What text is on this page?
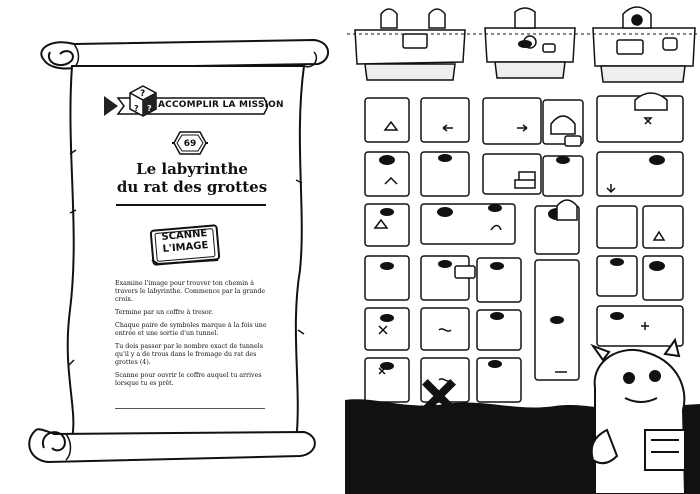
?
? ? ACCOMPLIR LA MISSION
69
Le labyrinthe
du rat des grottes
SCANNE
L'IMAGE

Examine l'image pour trouver ton chemin à travers le labyrinthe. Commence par la grande croix.

Termine par un coffre à tresor.

Chaque paire de symboles marque à la fois une entrée et une sortie d'un tunnel.

Tu dois passer par le nombre exact de tunnels qu'il y a de trous dans le fromage du rat des grottes (4).

Scanne pour ouvrir le coffre auquel tu arrives lorsque tu es prêt.
